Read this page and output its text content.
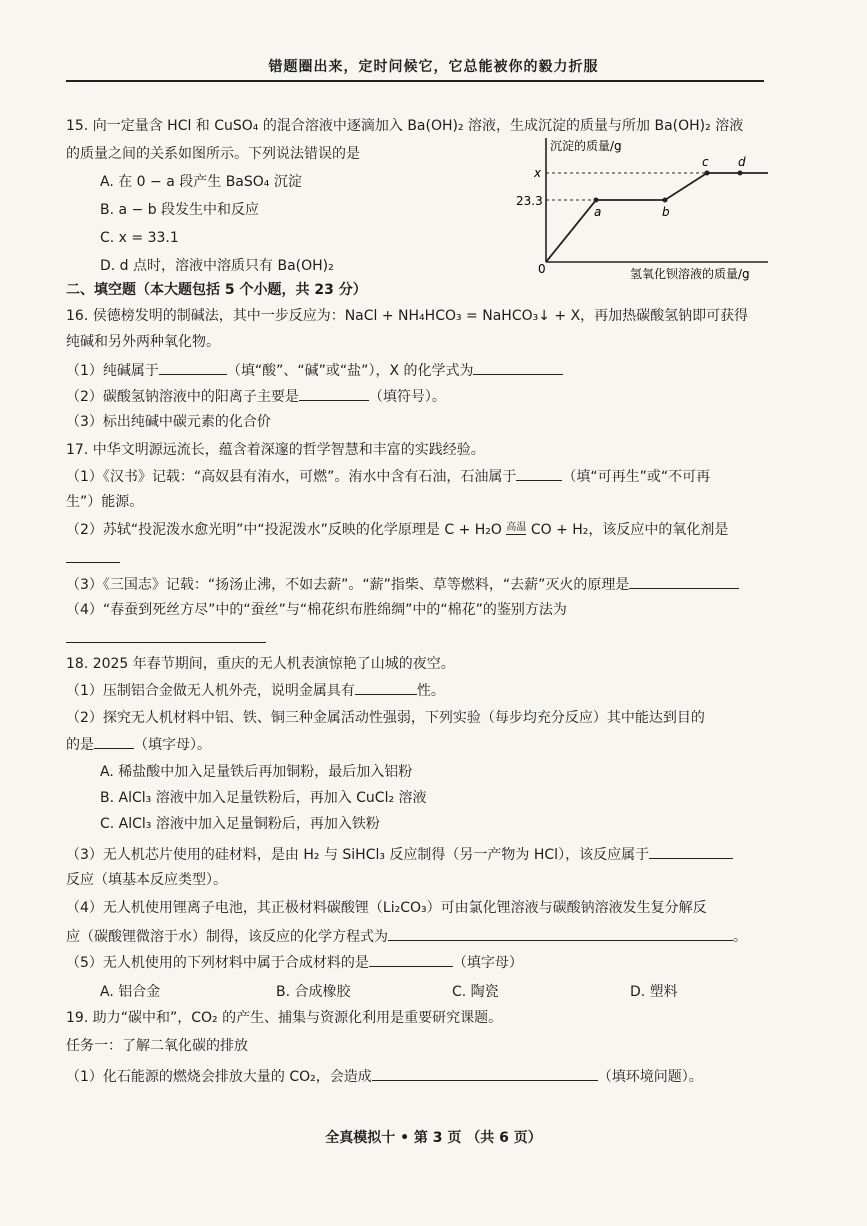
错题圈出来，定时问候它，它总能被你的毅力折服
15. 向一定量含 HCl 和 CuSO₄ 的混合溶液中逐滴加入 Ba(OH)₂ 溶液，生成沉淀的质量与所加 Ba(OH)₂ 溶液
的质量之间的关系如图所示。下列说法错误的是
A. 在 0 − a 段产生 BaSO₄ 沉淀
B. a − b 段发生中和反应
C. x = 33.1
D. d 点时，溶液中溶质只有 Ba(OH)₂
沉淀的质量/g
氢氧化钡溶液的质量/g
0
x
23.3
a	b
c d
二、填空题（本大题包括 5 个小题，共 23 分）
16. 侯德榜发明的制碱法，其中一步反应为：NaCl + NH₄HCO₃ = NaHCO₃↓ + X，再加热碳酸氢钠即可获得
纯碱和另外两种氧化物。
（1）纯碱属于	（填“酸”、“碱”或“盐”），X 的化学式为
（2）碳酸氢钠溶液中的阳离子主要是	（填符号）。
（3）标出纯碱中碳元素的化合价
17. 中华文明源远流长，蕴含着深邃的哲学智慧和丰富的实践经验。
（1）《汉书》记载：“高奴县有洧水，可燃”。洧水中含有石油，石油属于	（填“可再生”或“不可再
生”）能源。
（2）苏轼“投泥泼水愈光明”中“投泥泼水”反映的化学原理是 C + H₂O 高温 CO + H₂，该反应中的氧化剂是
（3）《三国志》记载：“扬汤止沸，不如去薪”。“薪”指柴、草等燃料，“去薪”灭火的原理是
（4）“春蚕到死丝方尽”中的“蚕丝”与“棉花织布胜绵绸”中的“棉花”的鉴别方法为
18. 2025 年春节期间，重庆的无人机表演惊艳了山城的夜空。
（1）压制铝合金做无人机外壳，说明金属具有	性。
（2）探究无人机材料中铝、铁、铜三种金属活动性强弱，下列实验（每步均充分反应）其中能达到目的
的是	（填字母）。
A. 稀盐酸中加入足量铁后再加铜粉，最后加入铝粉
B. AlCl₃ 溶液中加入足量铁粉后，再加入 CuCl₂ 溶液
C. AlCl₃ 溶液中加入足量铜粉后，再加入铁粉
（3）无人机芯片使用的硅材料，是由 H₂ 与 SiHCl₃ 反应制得（另一产物为 HCl），该反应属于
反应（填基本反应类型）。
（4）无人机使用锂离子电池，其正极材料碳酸锂（Li₂CO₃）可由氯化锂溶液与碳酸钠溶液发生复分解反
应（碳酸锂微溶于水）制得，该反应的化学方程式为	。
（5）无人机使用的下列材料中属于合成材料的是	（填字母）
A. 铝合金	B. 合成橡胶	C. 陶瓷	D. 塑料
19. 助力“碳中和”，CO₂ 的产生、捕集与资源化利用是重要研究课题。
任务一：了解二氧化碳的排放
（1）化石能源的燃烧会排放大量的 CO₂，会造成	（填环境问题）。
全真模拟十 • 第 3 页 （共 6 页）
